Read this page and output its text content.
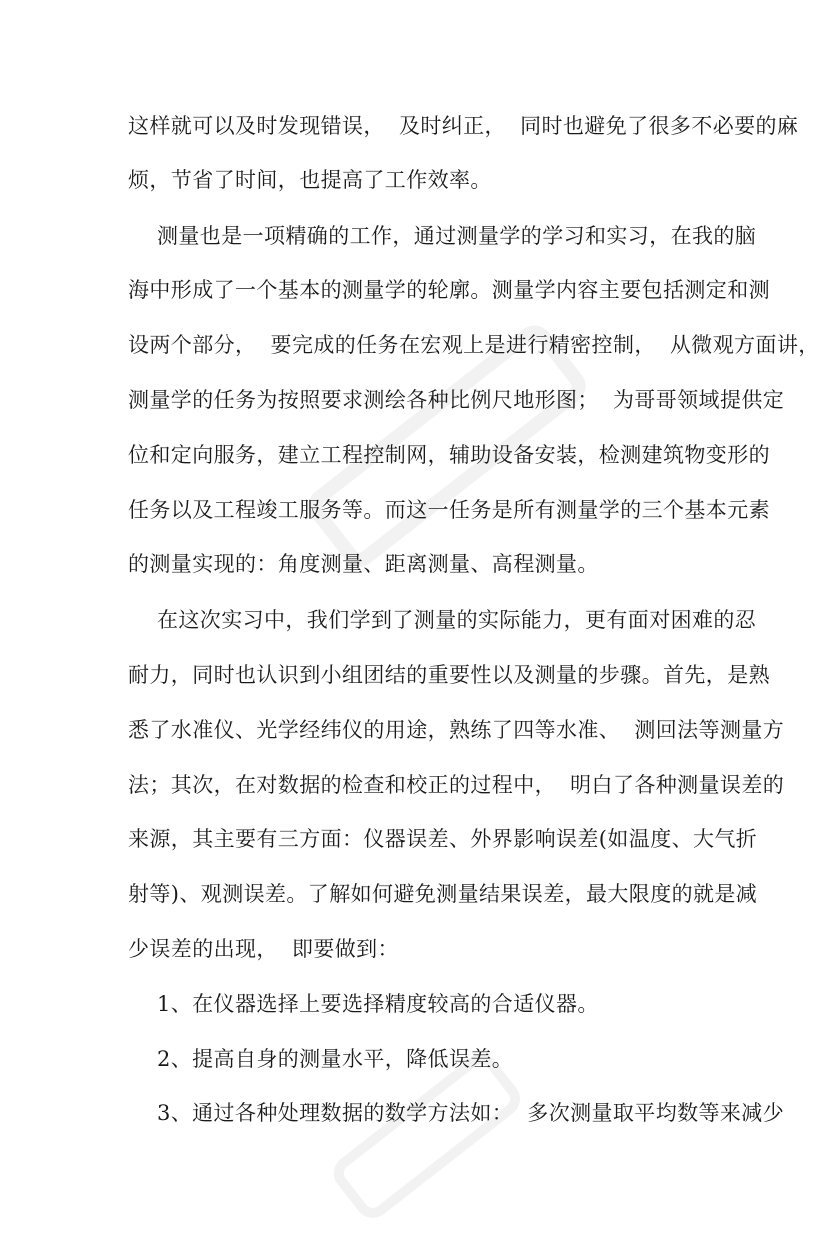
这样就可以及时发现错误，  及时纠正，  同时也避免了很多不必要的麻
烦，节省了时间，也提高了工作效率。
测量也是一项精确的工作，通过测量学的学习和实习，在我的脑
海中形成了一个基本的测量学的轮廓。测量学内容主要包括测定和测
设两个部分，  要完成的任务在宏观上是进行精密控制，  从微观方面讲，
测量学的任务为按照要求测绘各种比例尺地形图；  为哥哥领域提供定
位和定向服务，建立工程控制网，辅助设备安装，检测建筑物变形的
任务以及工程竣工服务等。而这一任务是所有测量学的三个基本元素
的测量实现的：角度测量、距离测量、高程测量。
在这次实习中，我们学到了测量的实际能力，更有面对困难的忍
耐力，同时也认识到小组团结的重要性以及测量的步骤。首先，是熟
悉了水准仪、光学经纬仪的用途，熟练了四等水准、  测回法等测量方
法；其次，在对数据的检查和校正的过程中，  明白了各种测量误差的
来源，其主要有三方面：仪器误差、外界影响误差(如温度、大气折
射等)、观测误差。了解如何避免测量结果误差，最大限度的就是减
少误差的出现，  即要做到：
1、在仪器选择上要选择精度较高的合适仪器。
2、提高自身的测量水平，降低误差。
3、通过各种处理数据的数学方法如：  多次测量取平均数等来减少
